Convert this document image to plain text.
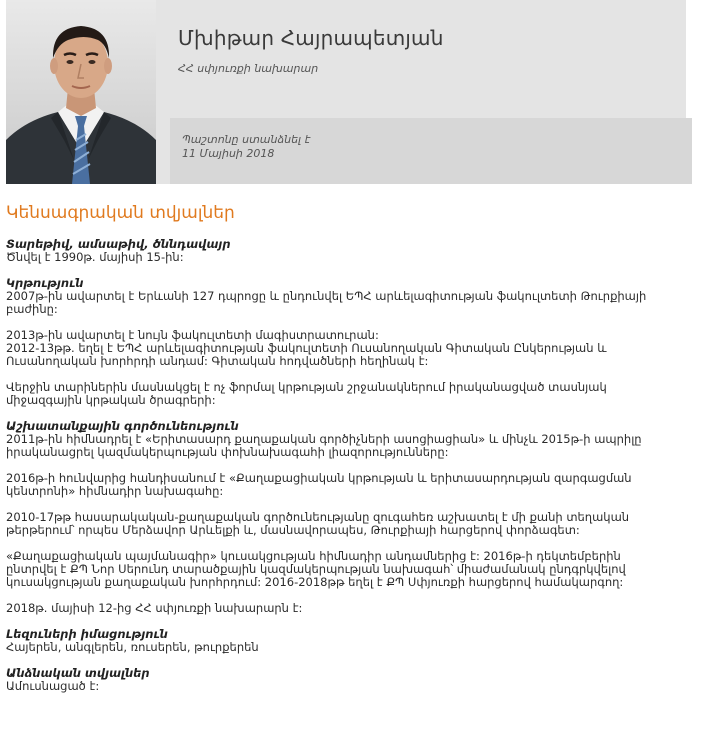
Պաշտոնը ստանձնել է
11 Մայիսի 2018
Մխիթար Հայրապետյան
ՀՀ սփյուռքի նախարար
Կենսագրական տվյալներ
Տարեթիվ, ամսաթիվ, ծննդավայր

Ծնվել է 1990թ. մայիսի 15-ին:

Կրթություն

2007թ-ին ավարտել է Երևանի 127 դպրոցը և ընդունվել ԵՊՀ արևելագիտության ֆակուլտետի Թուրքիայի
բաժինը:

2013թ-ին ավարտել է նույն ֆակուլտետի մագիստրատուրան:

2012-13թթ. եղել է ԵՊՀ արևելագիտության ֆակուլտետի Ուսանողական Գիտական Ընկերության և
Ուսանողական խորհրդի անդամ: Գիտական հոդվածների հեղինակ է:

Վերջին տարիներին մասնակցել է ոչ ֆորմալ կրթության շրջանակներում իրականացված տասնյակ
միջազգային կրթական ծրագրերի:

Աշխատանքային գործունեություն

2011թ-ին հիմնադրել է «Երիտասարդ քաղաքական գործիչների ասոցիացիան» և մինչև 2015թ-ի ապրիլը
իրականացրել կազմակերպության փոխնախագահի լիազորությունները:

2016թ-ի հունվարից հանդիսանում է «Քաղաքացիական կրթության և երիտասարդության զարգացման
կենտրոնի» հիմնադիր նախագահը:

2010-17թթ հասարակական-քաղաքական գործունեությանը զուգահեռ աշխատել է մի քանի տեղական
թերթերում՝ որպես Մերձավոր Արևելքի և, մասնավորապես, Թուրքիայի հարցերով փորձագետ:

«Քաղաքացիական պայմանագիր» կուսակցության հիմնադիր անդամներից է: 2016թ-ի դեկտեմբերին
ընտրվել է ՔՊ Նոր Սերունդ տարածքային կազմակերպության նախագահ՝ միաժամանակ ընդգրկվելով
կուսակցության քաղաքական խորհրդում: 2016-2018թթ եղել է ՔՊ Սփյուռքի հարցերով համակարգող:

2018թ. մայիսի 12-ից ՀՀ սփյուռքի նախարարն է:

Լեզուների իմացություն

Հայերեն, անգլերեն, ռուսերեն, թուրքերեն

Անձնական տվյալներ

Ամուսնացած է:
